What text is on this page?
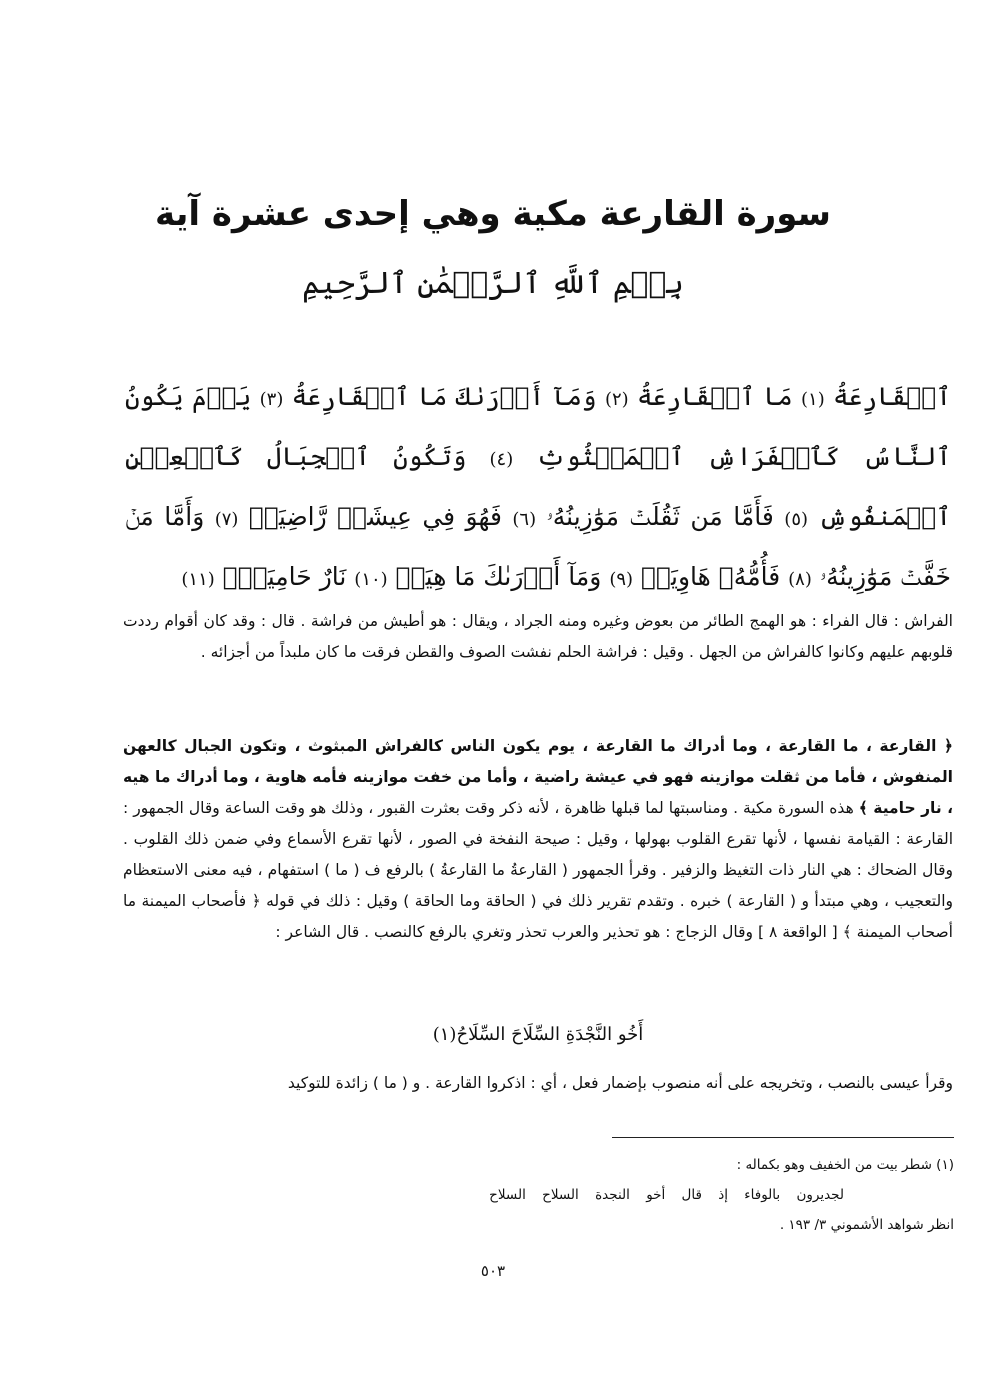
سورة القارعة مكية وهي إحدى عشرة آية
بِسۡمِ ٱللَّهِ ٱلرَّحۡمَٰنِ ٱلرَّحِيمِ
ٱلۡقَارِعَةُ (١) مَا ٱلۡقَارِعَةُ (٢) وَمَآ أَدۡرَىٰكَ مَا ٱلۡقَارِعَةُ (٣) يَوۡمَ يَكُونُ ٱلنَّاسُ كَٱلۡفَرَاشِ ٱلۡمَبۡثُوثِ (٤) وَتَكُونُ ٱلۡجِبَالُ كَٱلۡعِهۡنِ ٱلۡمَنفُوشِ (٥) فَأَمَّا مَن ثَقُلَتۡ مَوَٰزِينُهُۥ (٦) فَهُوَ فِي عِيشَةٖ رَّاضِيَةٖ (٧) وَأَمَّا مَنۡ خَفَّتۡ مَوَٰزِينُهُۥ (٨) فَأُمُّهُۥ هَاوِيَةٞ (٩) وَمَآ أَدۡرَىٰكَ مَا هِيَهۡ (١٠) نَارٌ حَامِيَةُۢ (١١)
الفراش : قال الفراء : هو الهمج الطائر من بعوض وغيره ومنه الجراد ، ويقال : هو أطيش من فراشة . قال : وقد كان أقوام رددت قلوبهم عليهم وكانوا كالفراش من الجهل . وقيل : فراشة الحلم نفشت الصوف والقطن فرقت ما كان ملبداً من أجزائه .
﴿ القارعة ، ما القارعة ، وما أدراك ما القارعة ، يوم يكون الناس كالفراش المبثوث ، وتكون الجبال كالعهن المنفوش ، فأما من ثقلت موازينه فهو في عيشة راضية ، وأما من خفت موازينه فأمه هاوية ، وما أدراك ما هيه ، نار حامية ﴾ هذه السورة مكية . ومناسبتها لما قبلها ظاهرة ، لأنه ذكر وقت بعثرت القبور ، وذلك هو وقت الساعة وقال الجمهور : القارعة : القيامة نفسها ، لأنها تقرع القلوب بهولها ، وقيل : صيحة النفخة في الصور ، لأنها تقرع الأسماع وفي ضمن ذلك القلوب . وقال الضحاك : هي النار ذات التغيظ والزفير . وقرأ الجمهور ( القارعةُ ما القارعةُ ) بالرفع ف ( ما ) استفهام ، فيه معنى الاستعظام والتعجيب ، وهي مبتدأ و ( القارعة ) خبره . وتقدم تقرير ذلك في ( الحاقة وما الحاقة ) وقيل : ذلك في قوله ﴿ فأصحاب الميمنة ما أصحاب الميمنة ﴾ [ الواقعة ٨ ] وقال الزجاج : هو تحذير والعرب تحذر وتغري بالرفع كالنصب . قال الشاعر :
أَخُو النَّجْدَةِ السِّلَاحَ السِّلَاحُ(١)
وقرأ عيسى بالنصب ، وتخريجه على أنه منصوب بإضمار فعل ، أي : اذكروا القارعة . و ( ما ) زائدة للتوكيد
(١) شطر بيت من الخفيف وهو بكماله :
لجديرون بالوفاء إذ قال أخو النجدة السلاح السلاح
انظر شواهد الأشموني ٣/ ١٩٣ .
٥٠٣
